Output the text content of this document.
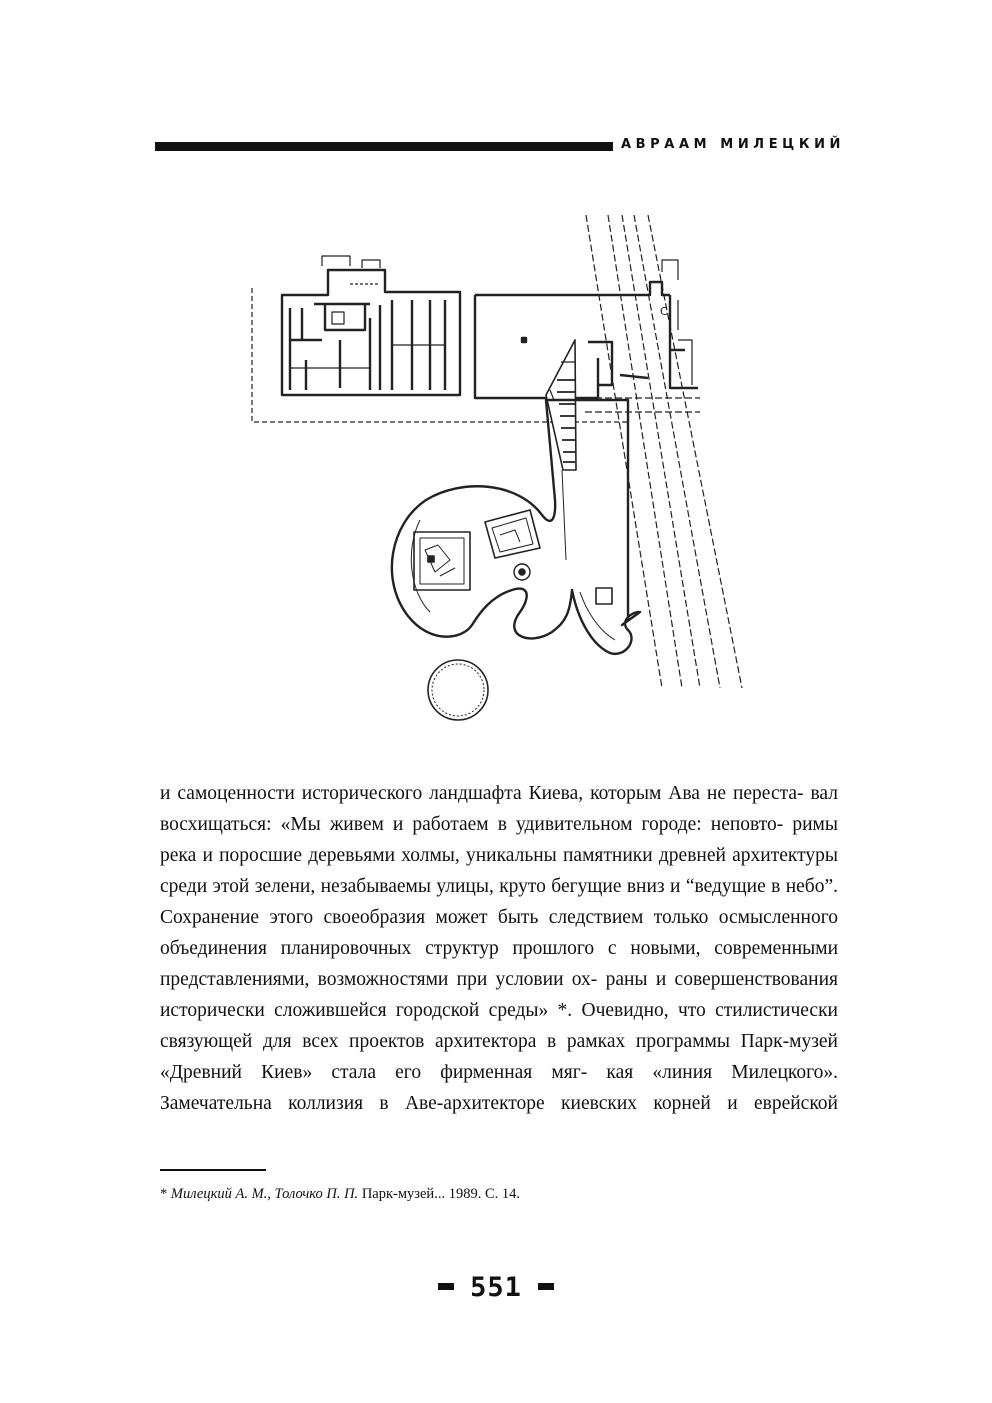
АВРААМ МИЛЕЦКИЙ
C

и самоценности исторического ландшафта Киева, которым Ава не переста- вал восхищаться: «Мы живем и работаем в удивительном городе: неповто- римы река и поросшие деревьями холмы, уникальны памятники древней архитектуры среди этой зелени, незабываемы улицы, круто бегущие вниз и “ведущие в небо”. Сохранение этого своеобразия может быть следствием только осмысленного объединения планировочных структур прошлого с новыми, современными представлениями, возможностями при условии ох- раны и совершенствования исторически сложившейся городской среды» *. Очевидно, что стилистически связующей для всех проектов архитектора в рамках программы Парк-музей «Древний Киев» стала его фирменная мяг- кая «линия Милецкого».

Замечательна коллизия в Аве-архитекторе киевских корней и еврейской

* Милецкий А. М., Толочко П. П. Парк-музей... 1989. С. 14.
551
